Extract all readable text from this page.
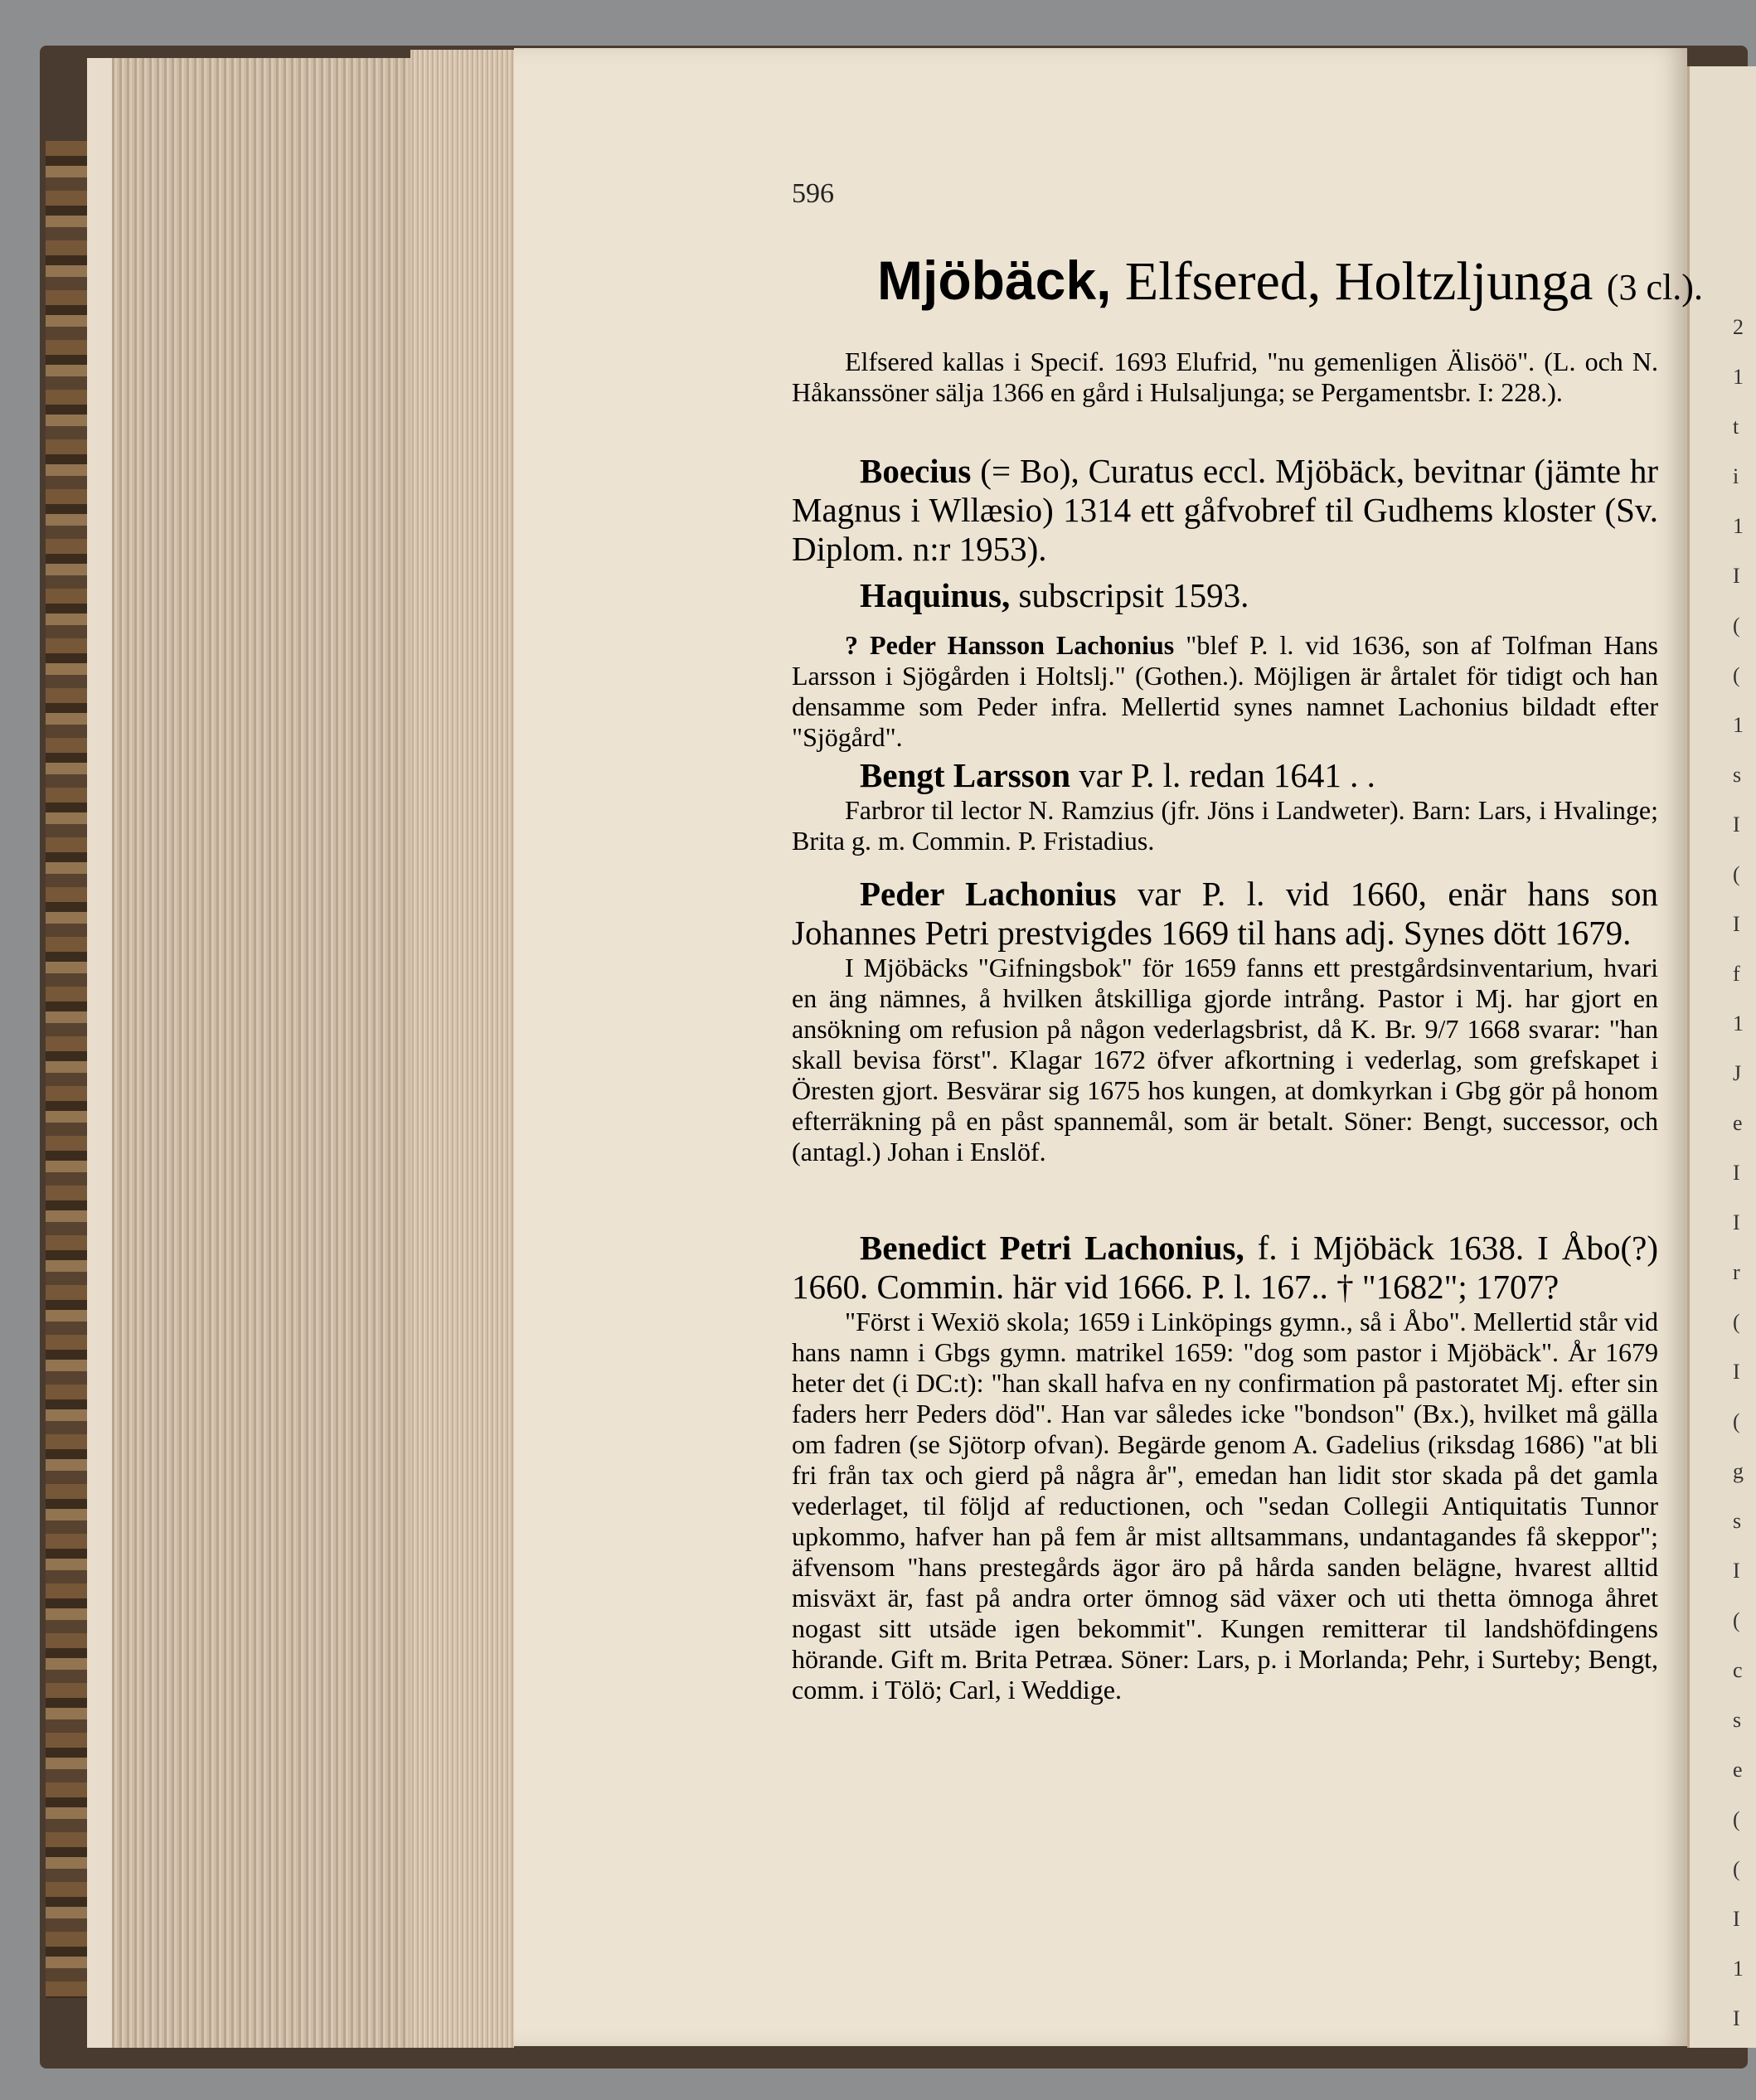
596
Mjöbäck, Elfsered, Holtzljunga (3 cl.).

Elfsered kallas i Specif. 1693 Elufrid, "nu gemenligen Älisöö". (L. och N. Håkanssöner sälja 1366 en gård i Hulsaljunga; se Pergamentsbr. I: 228.).

Boecius (= Bo), Curatus eccl. Mjöbäck, bevitnar (jämte hr Magnus i Wllæsio) 1314 ett gåfvobref til Gudhems kloster (Sv. Diplom. n:r 1953).

Haquinus, subscripsit 1593.

? Peder Hansson Lachonius "blef P. l. vid 1636, son af Tolfman Hans Larsson i Sjögården i Holtslj." (Gothen.). Möjligen är årtalet för tidigt och han densamme som Peder infra. Mellertid synes namnet Lachonius bildadt efter "Sjögård".

Bengt Larsson var P. l. redan 1641 . .

Farbror til lector N. Ramzius (jfr. Jöns i Landweter). Barn: Lars, i Hvalinge; Brita g. m. Commin. P. Fristadius.

Peder Lachonius var P. l. vid 1660, enär hans son Johannes Petri prestvigdes 1669 til hans adj. Synes dött 1679.

I Mjöbäcks "Gifningsbok" för 1659 fanns ett prestgårdsinventarium, hvari en äng nämnes, å hvilken åtskilliga gjorde intrång. Pastor i Mj. har gjort en ansökning om refusion på någon vederlagsbrist, då K. Br. 9/7 1668 svarar: "han skall bevisa först". Klagar 1672 öfver afkortning i vederlag, som grefskapet i Öresten gjort. Besvärar sig 1675 hos kungen, at domkyrkan i Gbg gör på honom efterräkning på en påst spannemål, som är betalt. Söner: Bengt, successor, och (antagl.) Johan i Enslöf.

Benedict Petri Lachonius, f. i Mjöbäck 1638. I Åbo(?) 1660. Commin. här vid 1666. P. l. 167.. † "1682"; 1707?

"Först i Wexiö skola; 1659 i Linköpings gymn., så i Åbo". Mellertid står vid hans namn i Gbgs gymn. matrikel 1659: "dog som pastor i Mjöbäck". År 1679 heter det (i DC:t): "han skall hafva en ny confirmation på pastoratet Mj. efter sin faders herr Peders död". Han var således icke "bondson" (Bx.), hvilket må gälla om fadren (se Sjötorp ofvan). Begärde genom A. Gadelius (riksdag 1686) "at bli fri från tax och gierd på några år", emedan han lidit stor skada på det gamla vederlaget, til följd af reductionen, och "sedan Collegii Antiquitatis Tunnor upkommo, hafver han på fem år mist alltsammans, undantagandes få skeppor"; äfvensom "hans prestegårds ägor äro på hårda sanden belägne, hvarest alltid misväxt är, fast på andra orter ömnog säd växer och uti thetta ömnoga åhret nogast sitt utsäde igen bekommit". Kungen remitterar til landshöfdingens hörande. Gift m. Brita Petræa. Söner: Lars, p. i Morlanda; Pehr, i Surteby; Bengt, comm. i Tölö; Carl, i Weddige.

2
1
t
i
1
I
(
(
1
s
I
(
I
f
1
J
e
I
I
r
(
I
(
g
s
I
(
c
s
e
(
(
I
1
I
